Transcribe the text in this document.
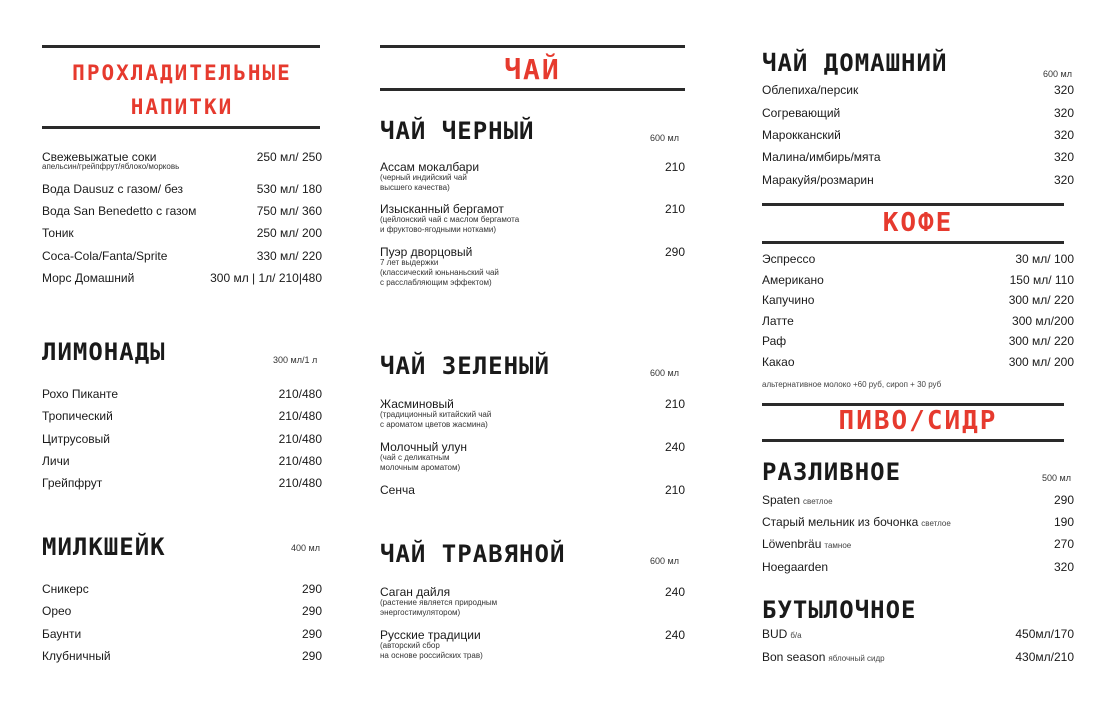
ПРОХЛАДИТЕЛЬНЫЕ
НАПИТКИ
Свежевыжатые соки	250 мл/ 250
апельсин/грейпфрут/яблоко/морковь
Вода Dausuz с газом/ без	530 мл/ 180
Вода San Benedetto с газом	750 мл/ 360
Тоник	250 мл/ 200
Coca-Cola/Fanta/Sprite	330 мл/ 220
Морс Домашний	300 мл | 1л/ 210|480
ЛИМОНАДЫ	300 мл/1 л
Рохо Пиканте	210/480
Тропический	210/480
Цитрусовый	210/480
Личи	210/480
Грейпфрут	210/480
МИЛКШЕЙК	400 мл
Сникерс	290
Орео	290
Баунти	290
Клубничный	290
ЧАЙ
ЧАЙ ЧЕРНЫЙ	600 мл
Ассам мокалбари	210
(черный индийский чай
высшего качества)
Изысканный бергамот	210
(цейлонский чай с маслом бергамота
и фруктово-ягодными нотками)
Пуэр дворцовый	290
7 лет выдержки
(классический юньнаньский чай
с расслабляющим эффектом)
ЧАЙ ЗЕЛЕНЫЙ	600 мл
Жасминовый	210
(традиционный китайский чай
с ароматом цветов жасмина)
Молочный улун	240
(чай с деликатным
молочным ароматом)
Сенча	210
ЧАЙ ТРАВЯНОЙ	600 мл
Саган дайля	240
(растение является природным
энергостимулятором)
Русские традиции	240
(авторский сбор
на основе российских трав)
ЧАЙ ДОМАШНИЙ	600 мл
Облепиха/персик	320
Согревающий	320
Марокканский	320
Малина/имбирь/мята	320
Маракуйя/розмарин	320
КОФЕ
Эспрессо	30 мл/ 100
Американо	150 мл/ 110
Капучино	300 мл/ 220
Латте	300 мл/200
Раф	300 мл/ 220
Какао	300 мл/ 200
альтернативное молоко +60 руб, сироп + 30 руб
ПИВО/СИДР
РАЗЛИВНОЕ	500 мл
Spaten светлое	290
Старый мельник из бочонка светлое	190
Löwenbräu тамное	270
Hoegaarden	320
БУТЫЛОЧНОЕ
BUD б/а	450мл/170
Bon season яблочный сидр	430мл/210
